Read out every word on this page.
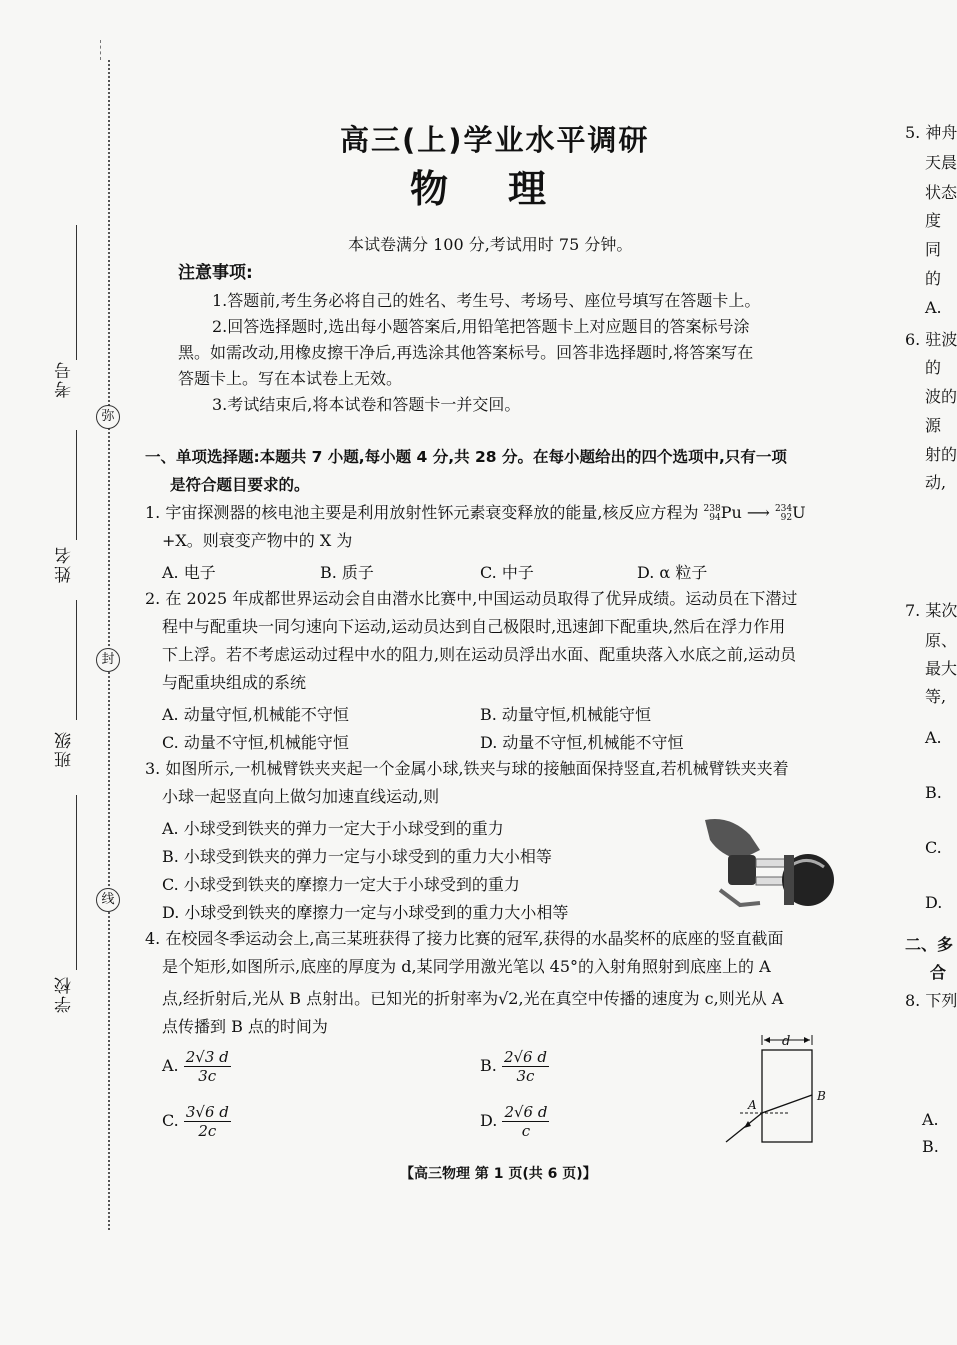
考号
弥
姓名
封
班级
线
学校
高三(上)学业水平调研
物理
本试卷满分 100 分,考试用时 75 分钟。
注意事项:
1.答题前,考生务必将自己的姓名、考生号、考场号、座位号填写在答题卡上。
2.回答选择题时,选出每小题答案后,用铅笔把答题卡上对应题目的答案标号涂
黑。如需改动,用橡皮擦干净后,再选涂其他答案标号。回答非选择题时,将答案写在
答题卡上。写在本试卷上无效。
3.考试结束后,将本试卷和答题卡一并交回。
一、单项选择题:本题共 7 小题,每小题 4 分,共 28 分。在每小题给出的四个选项中,只有一项
是符合题目要求的。
1. 宇宙探测器的核电池主要是利用放射性钚元素衰变释放的能量,核反应方程为 238
94 Pu ⟶ 234
92 U
+X。则衰变产物中的 X 为
A. 电子	B. 质子	C. 中子	D. α 粒子
2. 在 2025 年成都世界运动会自由潜水比赛中,中国运动员取得了优异成绩。运动员在下潜过
程中与配重块一同匀速向下运动,运动员达到自己极限时,迅速卸下配重块,然后在浮力作用
下上浮。若不考虑运动过程中水的阻力,则在运动员浮出水面、配重块落入水底之前,运动员
与配重块组成的系统
A. 动量守恒,机械能不守恒	B. 动量守恒,机械能守恒
C. 动量不守恒,机械能守恒	D. 动量不守恒,机械能不守恒
3. 如图所示,一机械臂铁夹夹起一个金属小球,铁夹与球的接触面保持竖直,若机械臂铁夹夹着
小球一起竖直向上做匀加速直线运动,则
A. 小球受到铁夹的弹力一定大于小球受到的重力
B. 小球受到铁夹的弹力一定与小球受到的重力大小相等
C. 小球受到铁夹的摩擦力一定大于小球受到的重力
D. 小球受到铁夹的摩擦力一定与小球受到的重力大小相等
4. 在校园冬季运动会上,高三某班获得了接力比赛的冠军,获得的水晶奖杯的底座的竖直截面
是个矩形,如图所示,底座的厚度为 d,某同学用激光笔以 45°的入射角照射到底座上的 A
点,经折射后,光从 B 点射出。已知光的折射率为√2,光在真空中传播的速度为 c,则光从 A
点传播到 B 点的时间为
A. $\frac{2√3 d}{3c}$	B. $\frac{2√6 d}{3c}$
C. $\frac{3√6 d}{2c}$	D. $\frac{2√6 d}{c}$
d
A
B
【高三物理 第 1 页(共 6 页)】
5. 神舟
天晨
状态
度
同
的
A.
6. 驻波
的
波的
源
射的
动,
7. 某次
原、
最大
等,
A.
B.
C.
D.
二、多
合
8. 下列
A.
B.
